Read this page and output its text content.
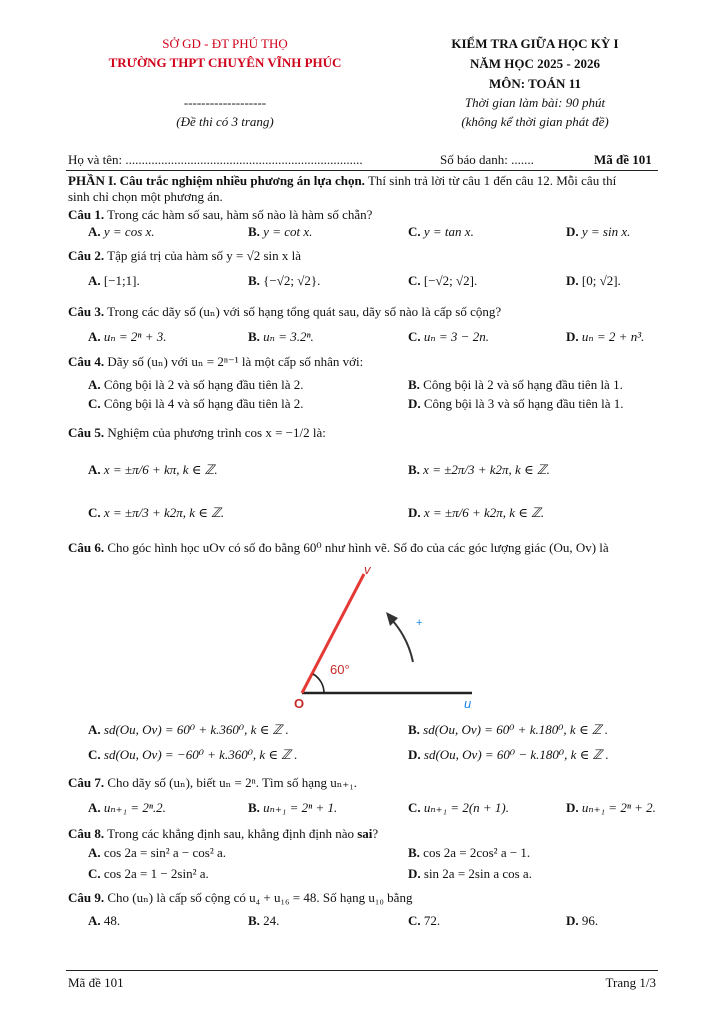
SỞ GD - ĐT PHÚ THỌ
TRƯỜNG THPT CHUYÊN VĨNH PHÚC
-------------------
(Đề thi có 3 trang)
KIỂM TRA GIỮA HỌC KỲ I
NĂM HỌC 2025 - 2026
MÔN: TOÁN 11
Thời gian làm bài: 90 phút
(không kể thời gian phát đề)
Họ và tên: .........................................................................	Số báo danh: .......	Mã đề 101
PHẦN I. Câu trắc nghiệm nhiều phương án lựa chọn. Thí sinh trả lời từ câu 1 đến câu 12. Mỗi câu thí
sinh chỉ chọn một phương án.
Câu 1. Trong các hàm số sau, hàm số nào là hàm số chẵn?
A. y = cos x.	B. y = cot x.	C. y = tan x.	D. y = sin x.
Câu 2. Tập giá trị của hàm số y = √2 sin x là
A. [−1;1].	B. {−√2; √2}.	C. [−√2; √2].	D. [0; √2].
Câu 3. Trong các dãy số (uₙ) với số hạng tổng quát sau, dãy số nào là cấp số cộng?
A. uₙ = 2ⁿ + 3.	B. uₙ = 3.2ⁿ.	C. uₙ = 3 − 2n.	D. uₙ = 2 + n³.
Câu 4. Dãy số (uₙ) với uₙ = 2ⁿ⁻¹ là một cấp số nhân với:
A. Công bội là 2 và số hạng đầu tiên là 2.	B. Công bội là 2 và số hạng đầu tiên là 1.
C. Công bội là 4 và số hạng đầu tiên là 2.	D. Công bội là 3 và số hạng đầu tiên là 1.
Câu 5. Nghiệm của phương trình cos x = −1/2 là:
A. x = ±π/6 + kπ, k ∈ ℤ.	B. x = ±2π/3 + k2π, k ∈ ℤ.
C. x = ±π/3 + k2π, k ∈ ℤ.	D. x = ±π/6 + k2π, k ∈ ℤ.
Câu 6. Cho góc hình học uOv có số đo bằng 60⁰ như hình vẽ. Số đo của các góc lượng giác (Ou, Ov) là
60°
v
O	u
+
A. sd(Ou, Ov) = 60⁰ + k.360⁰, k ∈ ℤ .	B. sd(Ou, Ov) = 60⁰ + k.180⁰, k ∈ ℤ .
C. sd(Ou, Ov) = −60⁰ + k.360⁰, k ∈ ℤ .	D. sd(Ou, Ov) = 60⁰ − k.180⁰, k ∈ ℤ .
Câu 7. Cho dãy số (uₙ), biết uₙ = 2ⁿ. Tìm số hạng uₙ₊₁.
A. uₙ₊₁ = 2ⁿ.2.	B. uₙ₊₁ = 2ⁿ + 1.	C. uₙ₊₁ = 2(n + 1).	D. uₙ₊₁ = 2ⁿ + 2.
Câu 8. Trong các khẳng định sau, khẳng định định nào sai?
A. cos 2a = sin² a − cos² a.	B. cos 2a = 2cos² a − 1.
C. cos 2a = 1 − 2sin² a.	D. sin 2a = 2sin a cos a.
Câu 9. Cho (uₙ) là cấp số cộng có u₄ + u₁₆ = 48. Số hạng u₁₀ bằng
A. 48.	B. 24.	C. 72.	D. 96.
Mã đề 101	Trang 1/3
